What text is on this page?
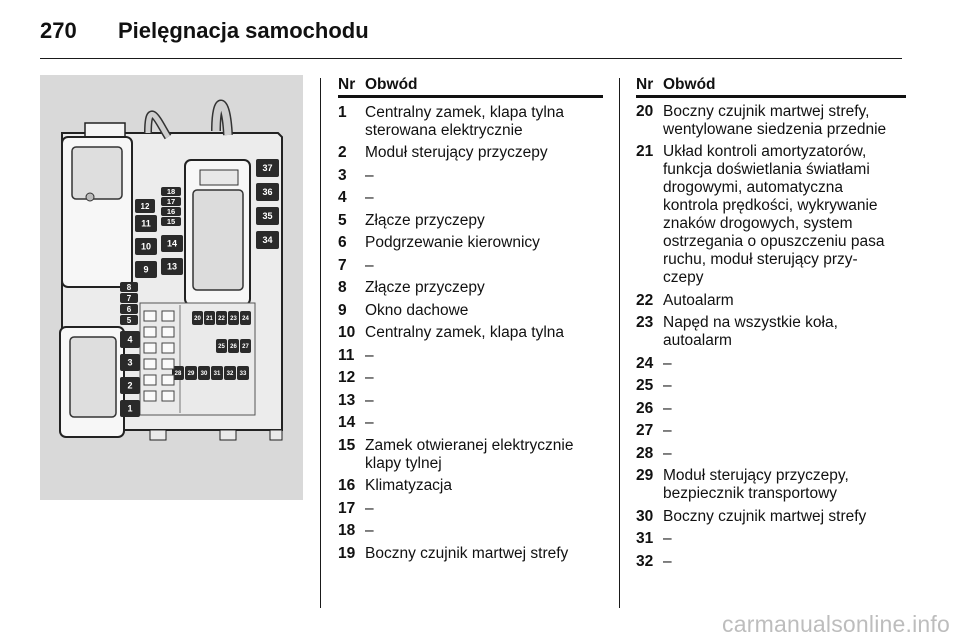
270 Pielęgnacja samochodu
8
7
6
5
4
3
2
1
12
11
10
9
18
17
16
15
14
13
37
36
35
34
20 21 22 23 24
25 26 27
28 29 30 31 32 33
Nr Obwód
1	Centralny zamek, klapa tylna
sterowana elektrycznie
2	Moduł sterujący przyczepy
3	–
4	–
5	Złącze przyczepy
6	Podgrzewanie kierownicy
7	–
8	Złącze przyczepy
9	Okno dachowe
10 Centralny zamek, klapa tylna
11 –
12 –
13 –
14 –
15 Zamek otwieranej elektrycznie
klapy tylnej
16 Klimatyzacja
17 –
18 –
19 Boczny czujnik martwej strefy
Nr Obwód
20 Boczny czujnik martwej strefy,
wentylowane siedzenia przednie
21 Układ kontroli amortyzatorów,
funkcja doświetlania światłami
drogowymi, automatyczna
kontrola prędkości, wykrywanie
znaków drogowych, system
ostrzegania o opuszczeniu pasa
ruchu, moduł sterujący przy-
czepy
22 Autoalarm
23 Napęd na wszystkie koła,
autoalarm
24 –
25 –
26 –
27 –
28 –
29 Moduł sterujący przyczepy,
bezpiecznik transportowy
30 Boczny czujnik martwej strefy
31 –
32 –
carmanualsonline.info
